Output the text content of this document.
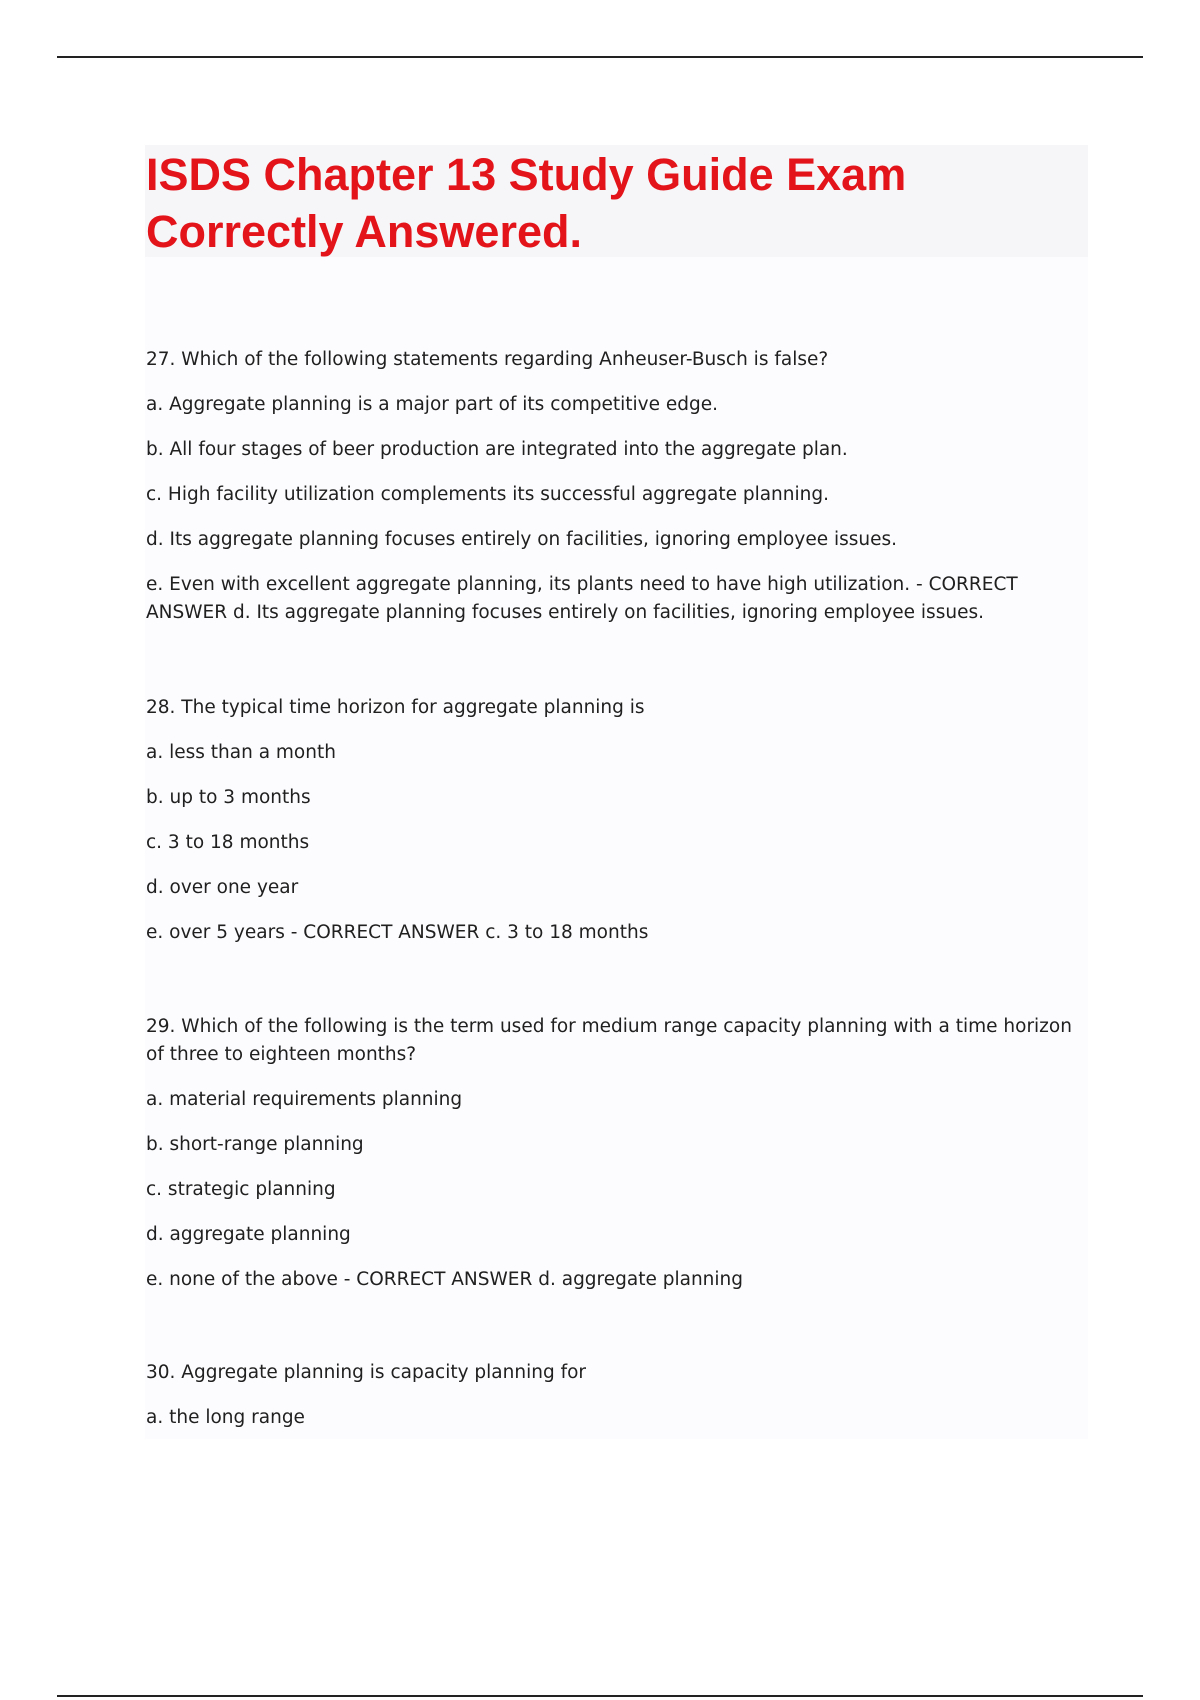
ISDS Chapter 13 Study Guide Exam Correctly Answered.

27. Which of the following statements regarding Anheuser-Busch is false?

a. Aggregate planning is a major part of its competitive edge.

b. All four stages of beer production are integrated into the aggregate plan.

c. High facility utilization complements its successful aggregate planning.

d. Its aggregate planning focuses entirely on facilities, ignoring employee issues.

e. Even with excellent aggregate planning, its plants need to have high utilization. - CORRECT ANSWER d. Its aggregate planning focuses entirely on facilities, ignoring employee issues.

28. The typical time horizon for aggregate planning is

a. less than a month

b. up to 3 months

c. 3 to 18 months

d. over one year

e. over 5 years - CORRECT ANSWER c. 3 to 18 months

29. Which of the following is the term used for medium range capacity planning with a time horizon of three to eighteen months?

a. material requirements planning

b. short-range planning

c. strategic planning

d. aggregate planning

e. none of the above - CORRECT ANSWER d. aggregate planning

30. Aggregate planning is capacity planning for

a. the long range
